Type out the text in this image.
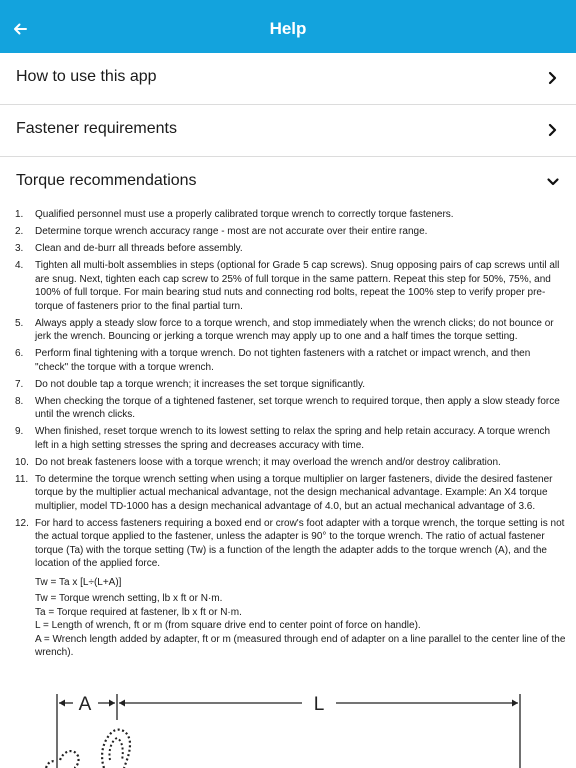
Help
How to use this app
Fastener requirements
Torque recommendations
1. Qualified personnel must use a properly calibrated torque wrench to correctly torque fasteners.
2. Determine torque wrench accuracy range - most are not accurate over their entire range.
3. Clean and de-burr all threads before assembly.
4. Tighten all multi-bolt assemblies in steps (optional for Grade 5 cap screws). Snug opposing pairs of cap screws until all are snug. Next, tighten each cap screw to 25% of full torque in the same pattern. Repeat this step for 50%, 75%, and 100% of full torque. For main bearing stud nuts and connecting rod bolts, repeat the 100% step to verify proper pre-torque of fasteners prior to the final partial turn.
5. Always apply a steady slow force to a torque wrench, and stop immediately when the wrench clicks; do not bounce or jerk the wrench. Bouncing or jerking a torque wrench may apply up to one and a half times the torque setting.
6. Perform final tightening with a torque wrench. Do not tighten fasteners with a ratchet or impact wrench, and then "check" the torque with a torque wrench.
7. Do not double tap a torque wrench; it increases the set torque significantly.
8. When checking the torque of a tightened fastener, set torque wrench to required torque, then apply a slow steady force until the wrench clicks.
9. When finished, reset torque wrench to its lowest setting to relax the spring and help retain accuracy. A torque wrench left in a high setting stresses the spring and decreases accuracy with time.
10. Do not break fasteners loose with a torque wrench; it may overload the wrench and/or destroy calibration.
11. To determine the torque wrench setting when using a torque multiplier on larger fasteners, divide the desired fastener torque by the multiplier actual mechanical advantage, not the design mechanical advantage. Example: An X4 torque multiplier, model TD-1000 has a design mechanical advantage of 4.0, but an actual mechanical advantage of 3.6.
12. For hard to access fasteners requiring a boxed end or crow's foot adapter with a torque wrench, the torque setting is not the actual torque applied to the fastener, unless the adapter is 90° to the torque wrench. The ratio of actual fastener torque (Ta) with the torque setting (Tw) is a function of the length the adapter adds to the torque wrench (A), and the location of the applied force.
Tw = Ta x [L÷(L+A)]
Tw = Torque wrench setting, lb x ft or N·m.
Ta = Torque required at fastener, lb x ft or N·m.
L = Length of wrench, ft or m (from square drive end to center point of force on handle).
A = Wrench length added by adapter, ft or m (measured through end of adapter on a line parallel to the center line of the wrench).
A	L
